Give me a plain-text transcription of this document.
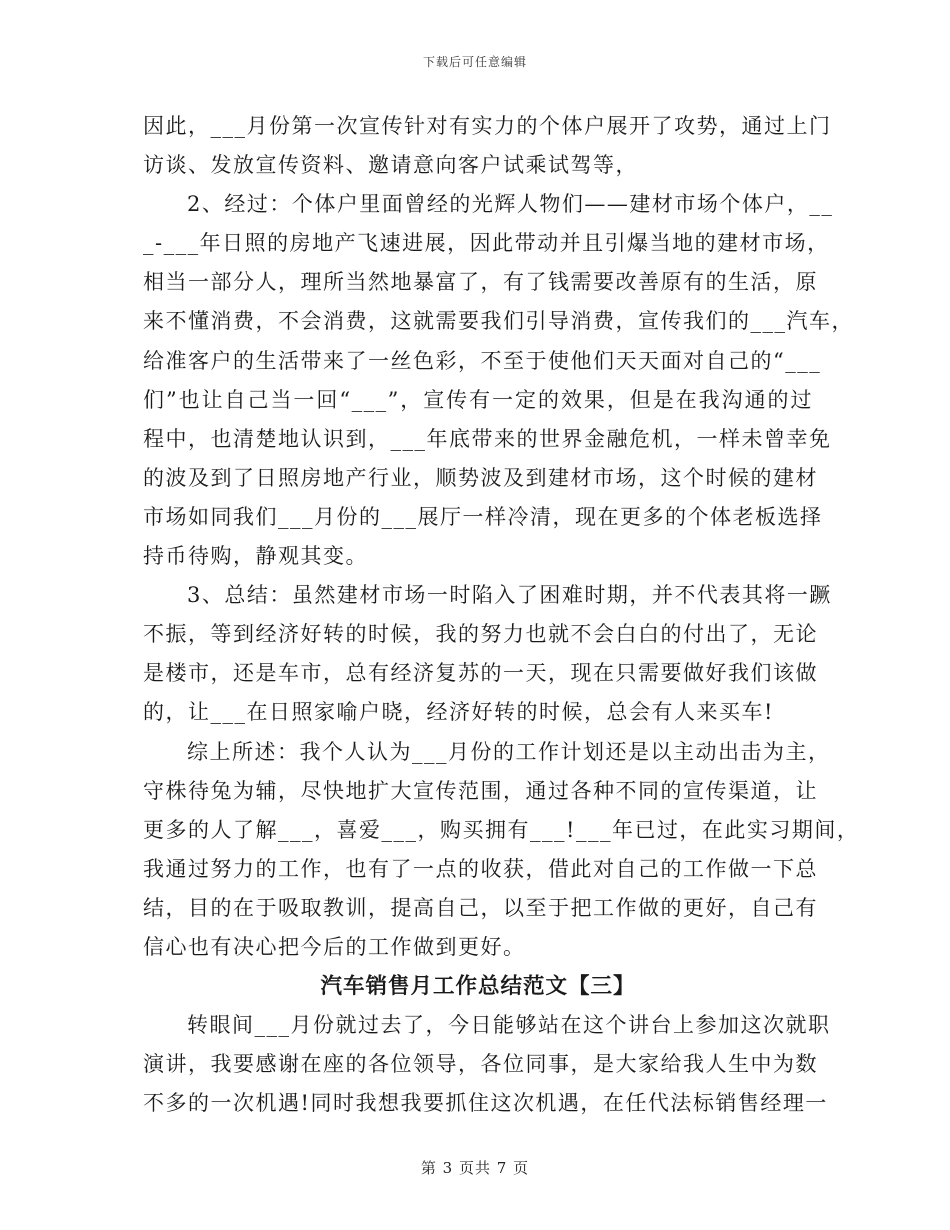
下载后可任意编辑
因此，___月份第一次宣传针对有实力的个体户展开了攻势，通过上门
访谈、发放宣传资料、邀请意向客户试乘试驾等，
2、经过：个体户里面曾经的光辉人物们——建材市场个体户，__
_-___年日照的房地产飞速进展，因此带动并且引爆当地的建材市场，
相当一部分人，理所当然地暴富了，有了钱需要改善原有的生活，原
来不懂消费，不会消费，这就需要我们引导消费，宣传我们的___汽车，
给准客户的生活带来了一丝色彩，不至于使他们天天面对自己的“___
们”也让自己当一回“___”，宣传有一定的效果，但是在我沟通的过
程中，也清楚地认识到，___年底带来的世界金融危机，一样未曾幸免
的波及到了日照房地产行业，顺势波及到建材市场，这个时候的建材
市场如同我们___月份的___展厅一样冷清，现在更多的个体老板选择
持币待购，静观其变。
3、总结：虽然建材市场一时陷入了困难时期，并不代表其将一蹶
不振，等到经济好转的时候，我的努力也就不会白白的付出了，无论
是楼市，还是车市，总有经济复苏的一天，现在只需要做好我们该做
的，让___在日照家喻户晓，经济好转的时候，总会有人来买车!
综上所述：我个人认为___月份的工作计划还是以主动出击为主，
守株待兔为辅，尽快地扩大宣传范围，通过各种不同的宣传渠道，让
更多的人了解___，喜爱___，购买拥有___!___年已过，在此实习期间，
我通过努力的工作，也有了一点的收获，借此对自己的工作做一下总
结，目的在于吸取教训，提高自己，以至于把工作做的更好，自己有
信心也有决心把今后的工作做到更好。
汽车销售月工作总结范文【三】
转眼间___月份就过去了，今日能够站在这个讲台上参加这次就职
演讲，我要感谢在座的各位领导，各位同事，是大家给我人生中为数
不多的一次机遇!同时我想我要抓住这次机遇，在任代法标销售经理一
第 3 页共 7 页
